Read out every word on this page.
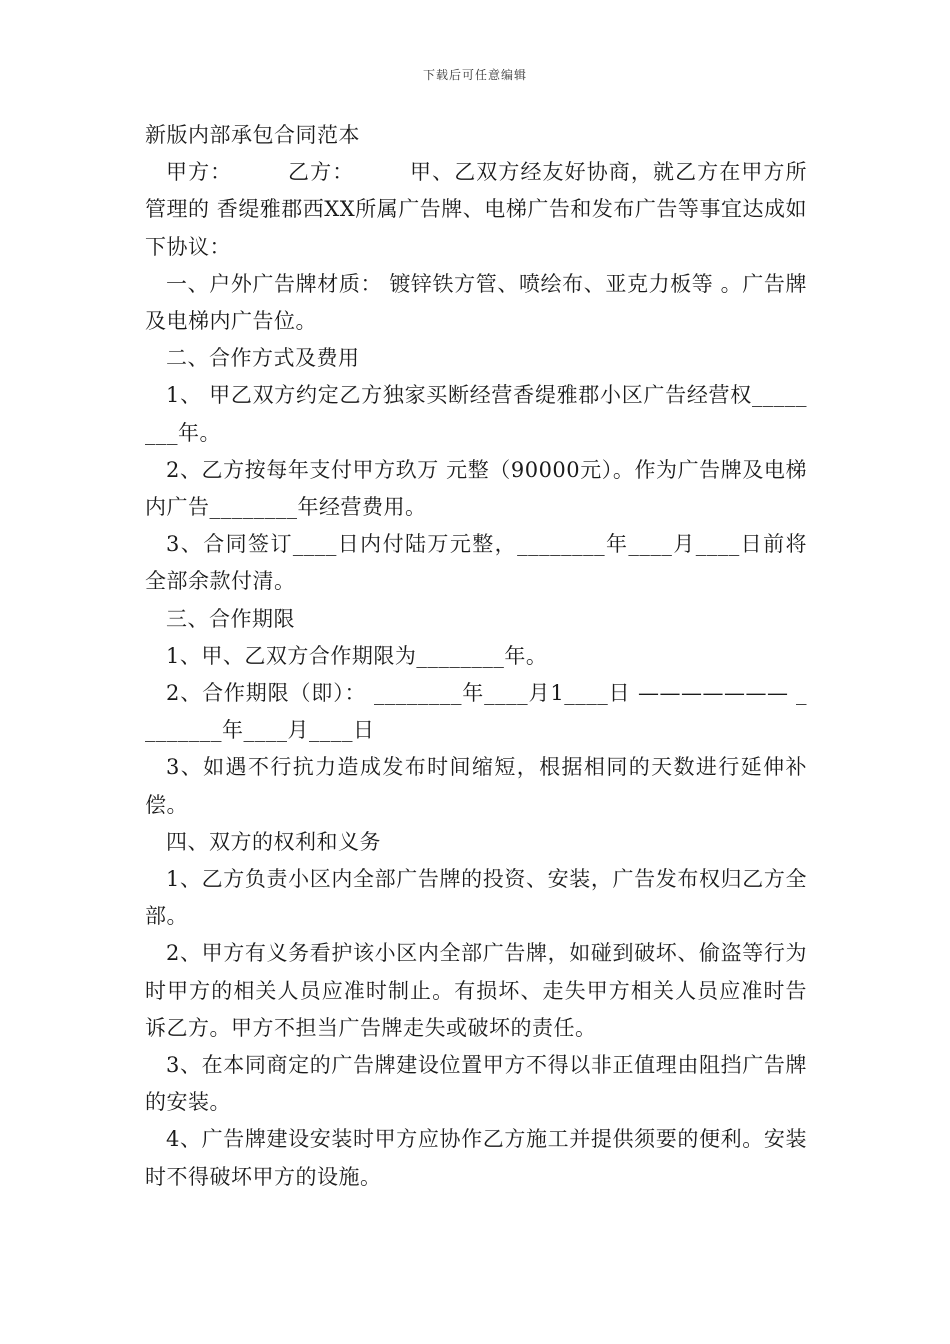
下载后可任意编辑

新版内部承包合同范本

甲方：　　　乙方：　　　甲、乙双方经友好协商，就乙方在甲方所管理的 香缇雅郡西XX所属广告牌、电梯广告和发布广告等事宜达成如下协议：

一、户外广告牌材质： 镀锌铁方管、喷绘布、亚克力板等 。广告牌及电梯内广告位。

二、合作方式及费用

1、 甲乙双方约定乙方独家买断经营香缇雅郡小区广告经营权________年。

2、乙方按每年支付甲方玖万 元整（90000元）。作为广告牌及电梯内广告________年经营费用。

3、合同签订____日内付陆万元整，________年____月____日前将全部余款付清。

三、合作期限

1、甲、乙双方合作期限为________年。

2、合作期限（即）： ________年____月1____日 ——————— ________年____月____日

3、如遇不行抗力造成发布时间缩短，根据相同的天数进行延伸补偿。

四、双方的权利和义务

1、乙方负责小区内全部广告牌的投资、安装，广告发布权归乙方全部。

2、甲方有义务看护该小区内全部广告牌，如碰到破坏、偷盗等行为时甲方的相关人员应准时制止。有损坏、走失甲方相关人员应准时告诉乙方。甲方不担当广告牌走失或破坏的责任。

3、在本同商定的广告牌建设位置甲方不得以非正值理由阻挡广告牌的安装。

4、广告牌建设安装时甲方应协作乙方施工并提供须要的便利。安装时不得破坏甲方的设施。
